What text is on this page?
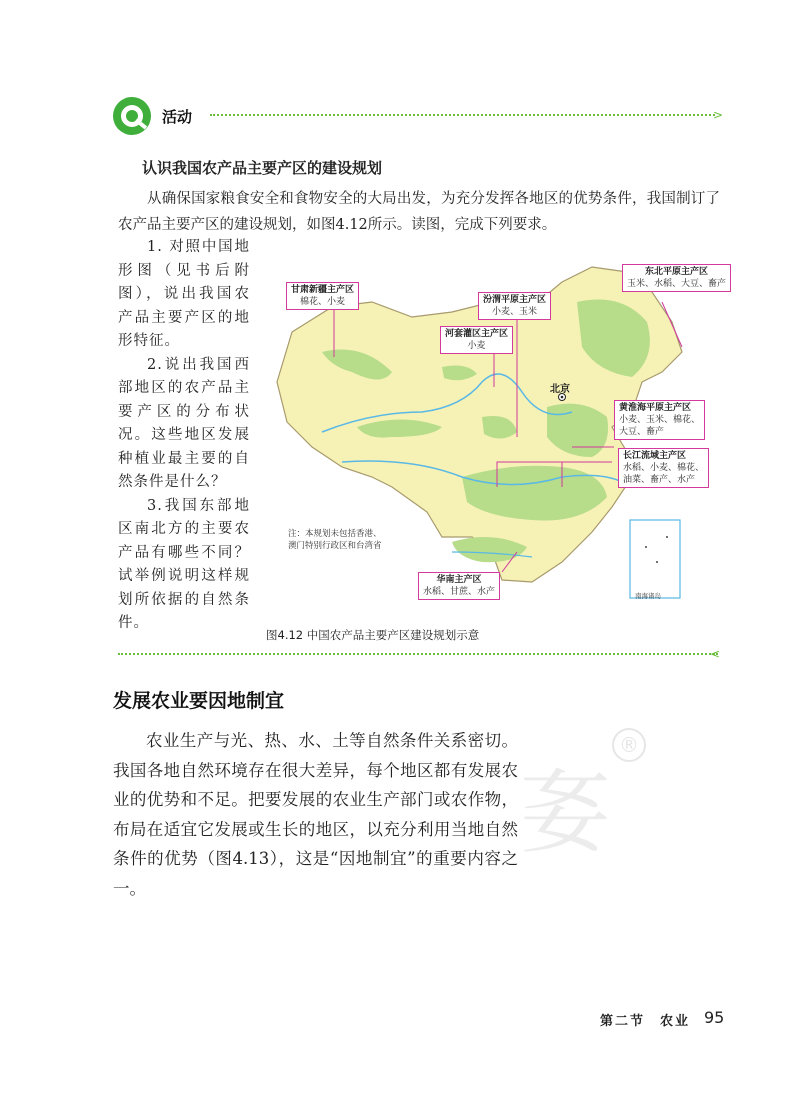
活动	>
认识我国农产品主要产区的建设规划
从确保国家粮食安全和食物安全的大局出发，为充分发挥各地区的优势条件，我国制订了农产品主要产区的建设规划，如图4.12所示。读图，完成下列要求。

1. 对照中国地形图（见书后附图），说出我国农产品主要产区的地形特征。

2.说出我国西部地区的农产品主要产区的分布状况。这些地区发展种植业最主要的自然条件是什么？

3.我国东部地区南北方的主要农产品有哪些不同？试举例说明这样规划所依据的自然条件。

甘肃新疆主产区
棉花、小麦	汾渭平原主产区
小麦、玉米
河套灌区主产区
小麦
东北平原主产区
玉米、水稻、大豆、畜产
黄淮海平原主产区
小麦、玉米、棉花、
大豆、畜产
长江流域主产区
水稻、小麦、棉花、
油菜、畜产、水产
华南主产区
水稻、甘蔗、水产
北京
注：本规划未包括香港、
澳门特别行政区和台湾省
南海诸岛
图4.12 中国农产品主要产区建设规划示意
<
㚣
®
发展农业要因地制宜

农业生产与光、热、水、土等自然条件关系密切。我国各地自然环境存在很大差异，每个地区都有发展农业的优势和不足。把要发展的农业生产部门或农作物，布局在适宜它发展或生长的地区，以充分利用当地自然条件的优势（图4.13），这是“因地制宜”的重要内容之一。

第二节　农业 95
